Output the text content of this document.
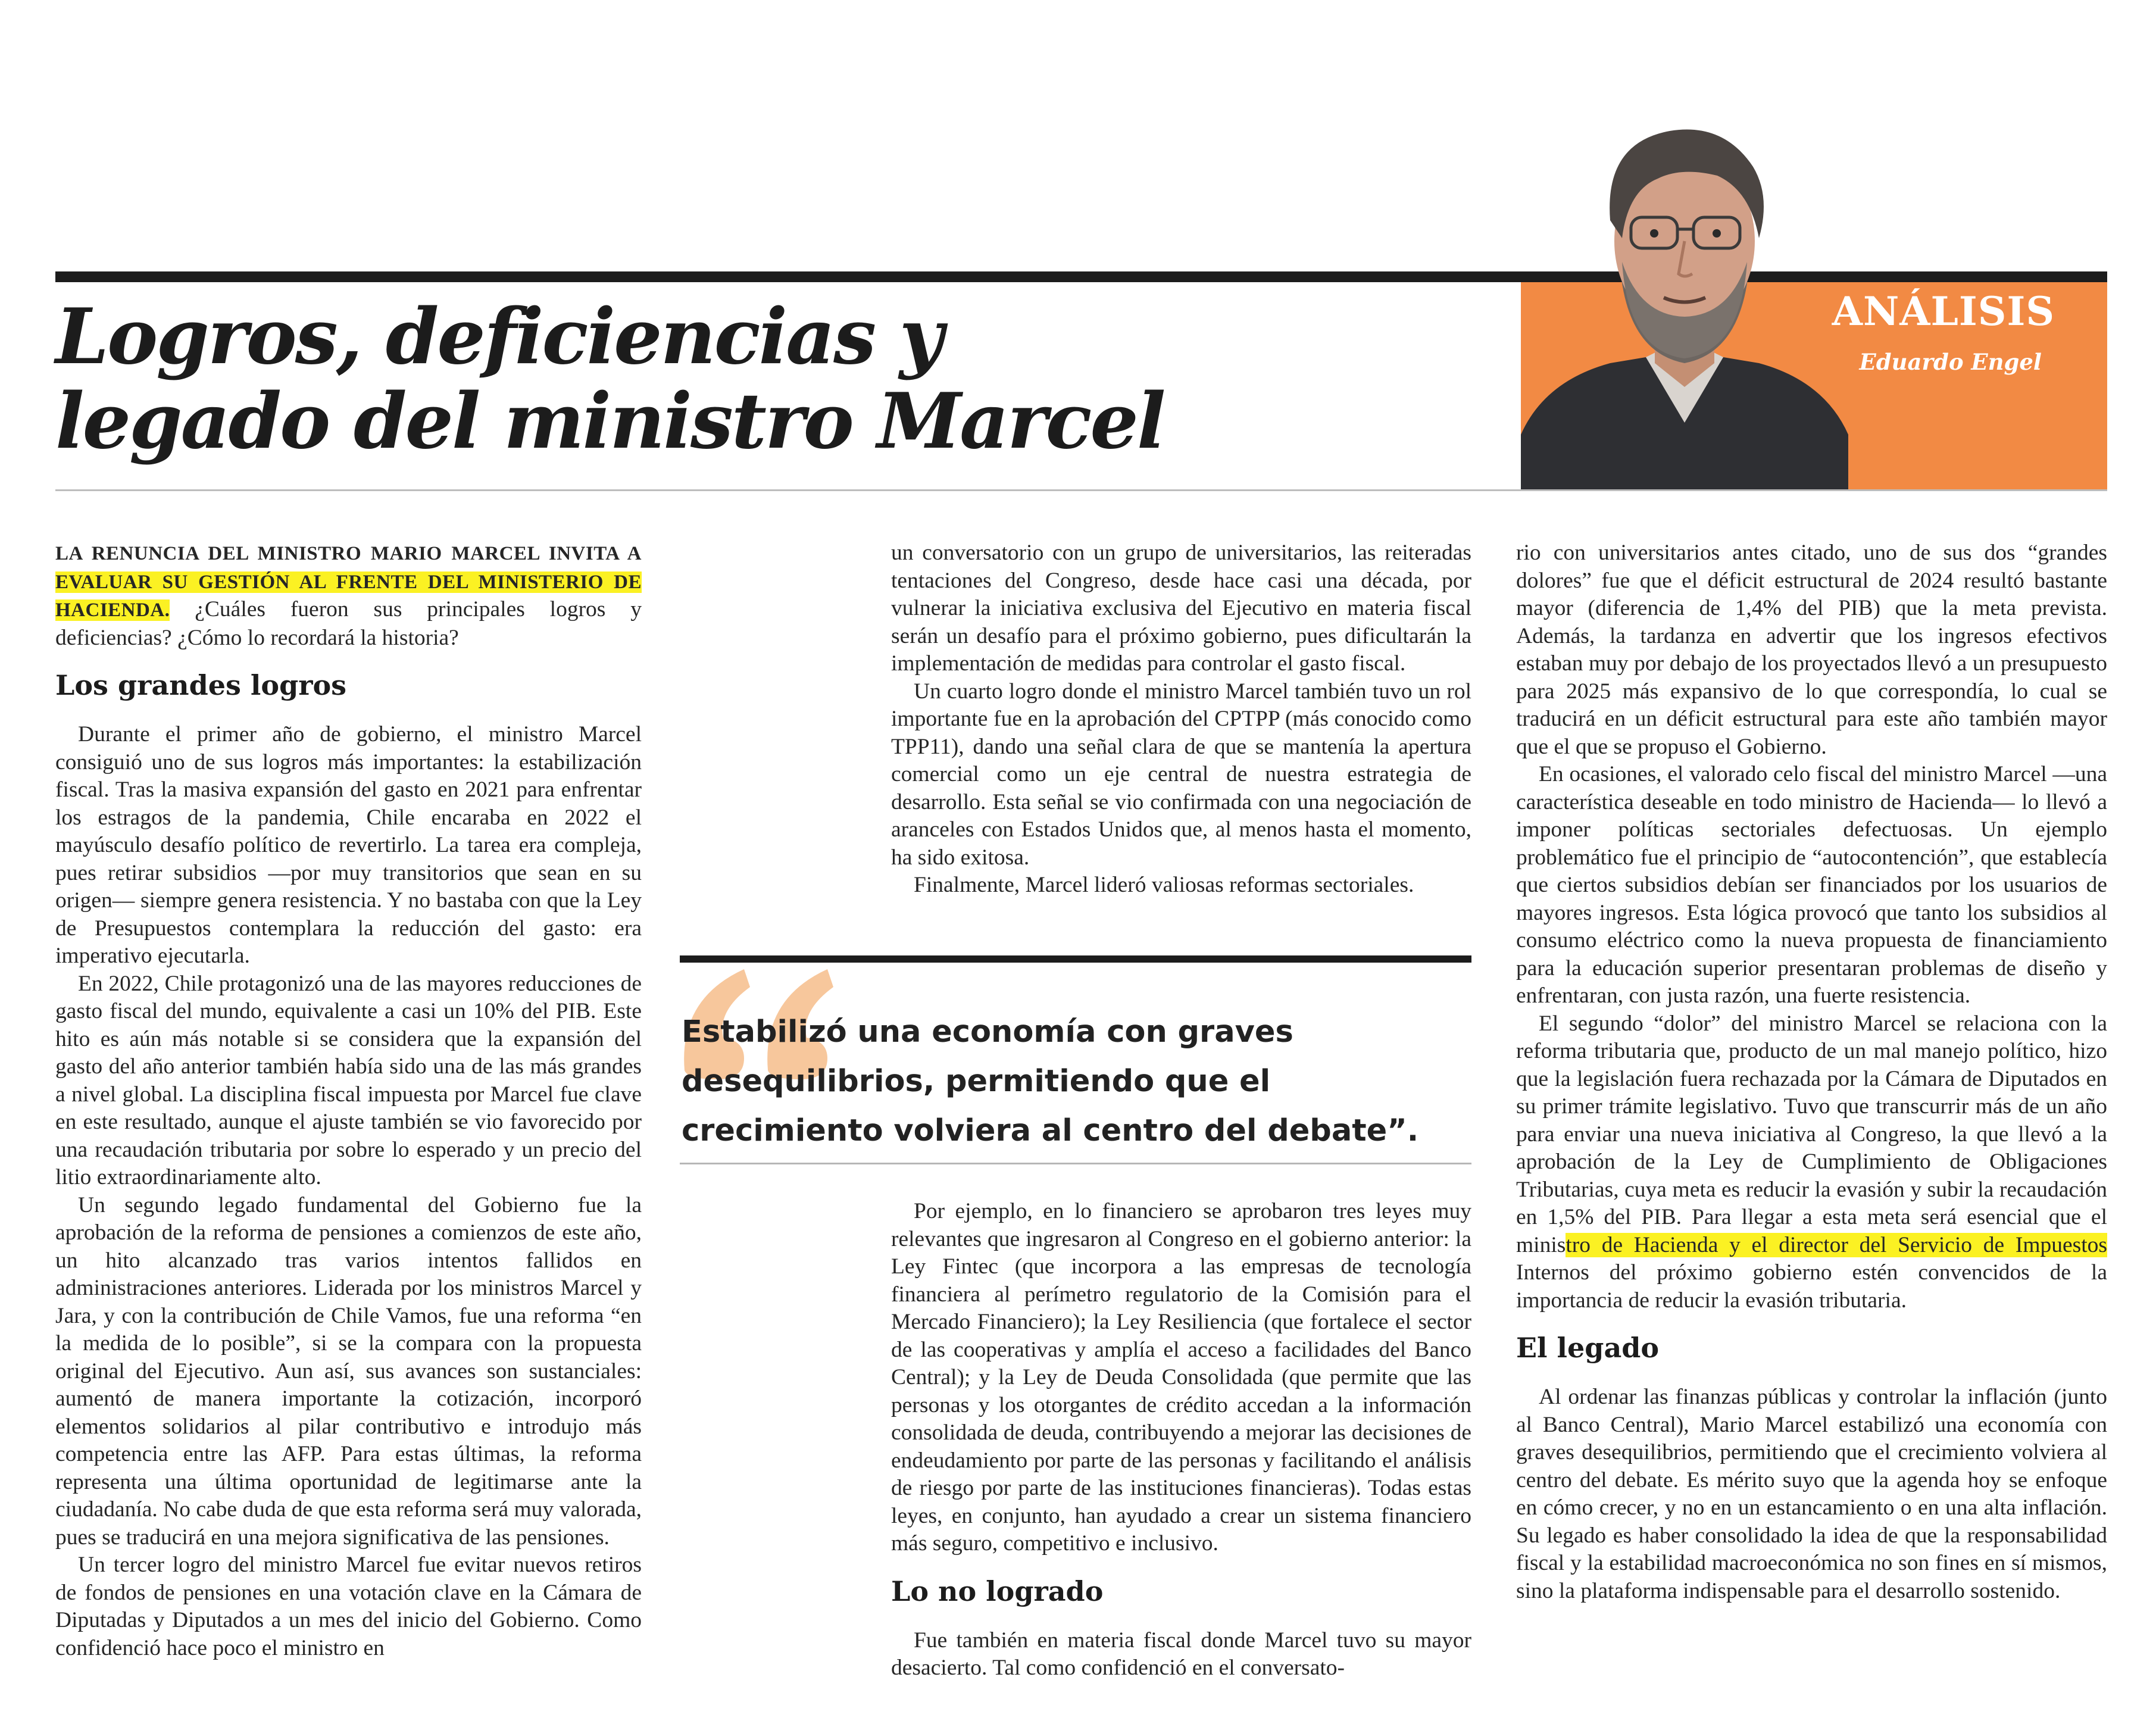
Logros, deficiencias y
legado del ministro Marcel

ANÁLISIS

Eduardo Engel

LA RENUNCIA DEL MINISTRO MARIO MARCEL INVITA A EVALUAR SU GESTIÓN AL FRENTE DEL MINISTERIO DE HACIENDA. ¿Cuáles fueron sus principales logros y deficiencias? ¿Cómo lo recordará la historia?

Los grandes logros

Durante el primer año de gobierno, el ministro Marcel consiguió uno de sus logros más importantes: la estabilización fiscal. Tras la masiva expansión del gasto en 2021 para enfrentar los estragos de la pandemia, Chile encaraba en 2022 el mayúsculo desafío político de revertirlo. La tarea era compleja, pues retirar subsidios —por muy transitorios que sean en su origen— siempre genera resistencia. Y no bastaba con que la Ley de Presupuestos contemplara la reducción del gasto: era imperativo ejecutarla.

En 2022, Chile protagonizó una de las mayores reducciones de gasto fiscal del mundo, equivalente a casi un 10% del PIB. Este hito es aún más notable si se considera que la expansión del gasto del año anterior también había sido una de las más grandes a nivel global. La disciplina fiscal impuesta por Marcel fue clave en este resultado, aunque el ajuste también se vio favorecido por una recaudación tributaria por sobre lo esperado y un precio del litio extraordinariamente alto.

Un segundo legado fundamental del Gobierno fue la aprobación de la reforma de pensiones a comienzos de este año, un hito alcanzado tras varios intentos fallidos en administraciones anteriores. Liderada por los ministros Marcel y Jara, y con la contribución de Chile Vamos, fue una reforma “en la medida de lo posible”, si se la compara con la propuesta original del Ejecutivo. Aun así, sus avances son sustanciales: aumentó de manera importante la cotización, incorporó elementos solidarios al pilar contributivo e introdujo más competencia entre las AFP. Para estas últimas, la reforma representa una última oportunidad de legitimarse ante la ciudadanía. No cabe duda de que esta reforma será muy valorada, pues se traducirá en una mejora significativa de las pensiones.

Un tercer logro del ministro Marcel fue evitar nuevos retiros de fondos de pensiones en una votación clave en la Cámara de Diputadas y Diputados a un mes del inicio del Gobierno. Como confidenció hace poco el ministro en

un conversatorio con un grupo de universitarios, las reiteradas tentaciones del Congreso, desde hace casi una década, por vulnerar la iniciativa exclusiva del Ejecutivo en materia fiscal serán un desafío para el próximo gobierno, pues dificultarán la implementación de medidas para controlar el gasto fiscal.

Un cuarto logro donde el ministro Marcel también tuvo un rol importante fue en la aprobación del CPTPP (más conocido como TPP11), dando una señal clara de que se mantenía la apertura comercial como un eje central de nuestra estrategia de desarrollo. Esta señal se vio confirmada con una negociación de aranceles con Estados Unidos que, al menos hasta el momento, ha sido exitosa.

Finalmente, Marcel lideró valiosas reformas sectoriales.

Estabilizó una economía con graves desequilibrios, permitiendo que el crecimiento volviera al centro del debate”.

Por ejemplo, en lo financiero se aprobaron tres leyes muy relevantes que ingresaron al Congreso en el gobierno anterior: la Ley Fintec (que incorpora a las empresas de tecnología financiera al perímetro regulatorio de la Comisión para el Mercado Financiero); la Ley Resiliencia (que fortalece el sector de las cooperativas y amplía el acceso a facilidades del Banco Central); y la Ley de Deuda Consolidada (que permite que las personas y los otorgantes de crédito accedan a la información consolidada de deuda, contribuyendo a mejorar las decisiones de endeudamiento por parte de las personas y facilitando el análisis de riesgo por parte de las instituciones financieras). Todas estas leyes, en conjunto, han ayudado a crear un sistema financiero más seguro, competitivo e inclusivo.

Lo no logrado

Fue también en materia fiscal donde Marcel tuvo su mayor desacierto. Tal como confidenció en el conversato-

rio con universitarios antes citado, uno de sus dos “grandes dolores” fue que el déficit estructural de 2024 resultó bastante mayor (diferencia de 1,4% del PIB) que la meta prevista. Además, la tardanza en advertir que los ingresos efectivos estaban muy por debajo de los proyectados llevó a un presupuesto para 2025 más expansivo de lo que correspondía, lo cual se traducirá en un déficit estructural para este año también mayor que el que se propuso el Gobierno.

En ocasiones, el valorado celo fiscal del ministro Marcel —una característica deseable en todo ministro de Hacienda— lo llevó a imponer políticas sectoriales defectuosas. Un ejemplo problemático fue el principio de “autocontención”, que establecía que ciertos subsidios debían ser financiados por los usuarios de mayores ingresos. Esta lógica provocó que tanto los subsidios al consumo eléctrico como la nueva propuesta de financiamiento para la educación superior presentaran problemas de diseño y enfrentaran, con justa razón, una fuerte resistencia.

El segundo “dolor” del ministro Marcel se relaciona con la reforma tributaria que, producto de un mal manejo político, hizo que la legislación fuera rechazada por la Cámara de Diputados en su primer trámite legislativo. Tuvo que transcurrir más de un año para enviar una nueva iniciativa al Congreso, la que llevó a la aprobación de la Ley de Cumplimiento de Obligaciones Tributarias, cuya meta es reducir la evasión y subir la recaudación en 1,5% del PIB. Para llegar a esta meta será esencial que el ministro de Hacienda y el director del Servicio de Impuestos Internos del próximo gobierno estén convencidos de la importancia de reducir la evasión tributaria.

El legado

Al ordenar las finanzas públicas y controlar la inflación (junto al Banco Central), Mario Marcel estabilizó una economía con graves desequilibrios, permitiendo que el crecimiento volviera al centro del debate. Es mérito suyo que la agenda hoy se enfoque en cómo crecer, y no en un estancamiento o en una alta inflación. Su legado es haber consolidado la idea de que la responsabilidad fiscal y la estabilidad macroeconómica no son fines en sí mismos, sino la plataforma indispensable para el desarrollo sostenido.
